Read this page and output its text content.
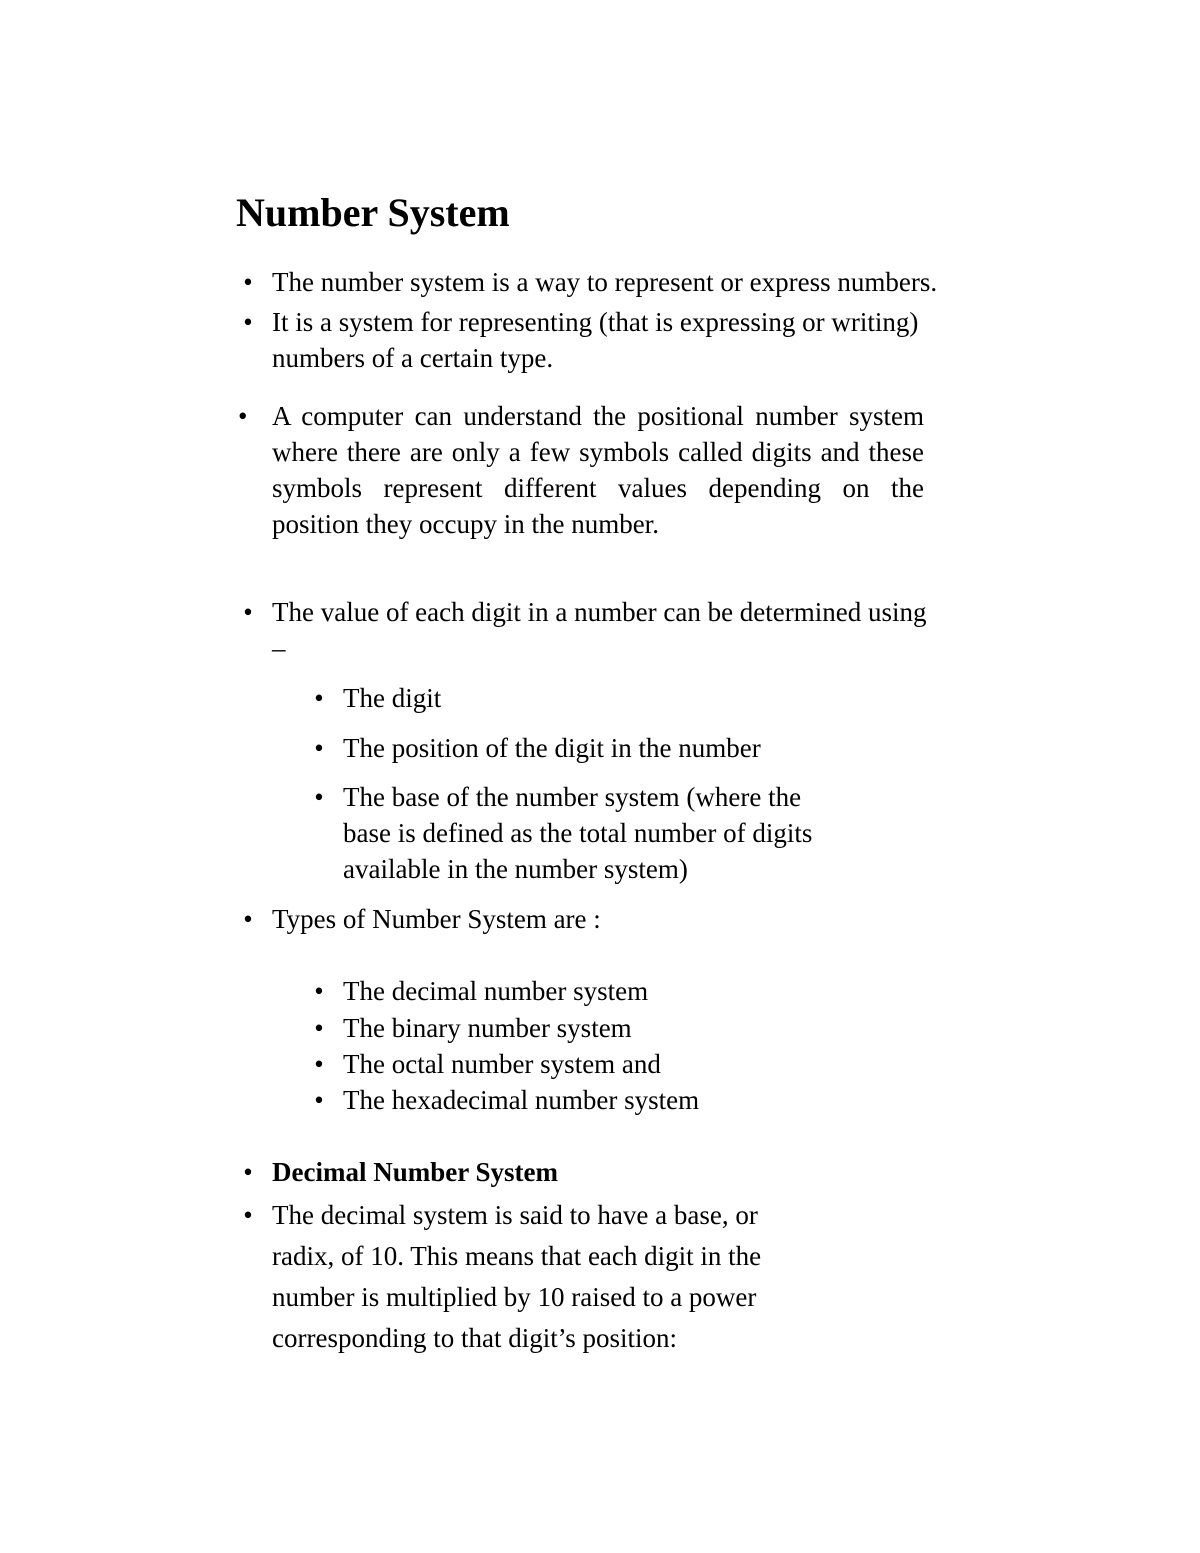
Number System
• The number system is a way to represent or express numbers.
• It is a system for representing (that is expressing or writing)
numbers of a certain type.
• A computer can understand the positional number system where there are only a few symbols called digits and these symbols represent different values depending on the position they occupy in the number.
• The value of each digit in a number can be determined using
–
• The digit
• The position of the digit in the number
• The base of the number system (where the
base is defined as the total number of digits
available in the number system)
• Types of Number System are :
• The decimal number system
• The binary number system
• The octal number system and
• The hexadecimal number system
• Decimal Number System
• The decimal system is said to have a base, or
radix, of 10. This means that each digit in the
number is multiplied by 10 raised to a power
corresponding to that digit’s position:
